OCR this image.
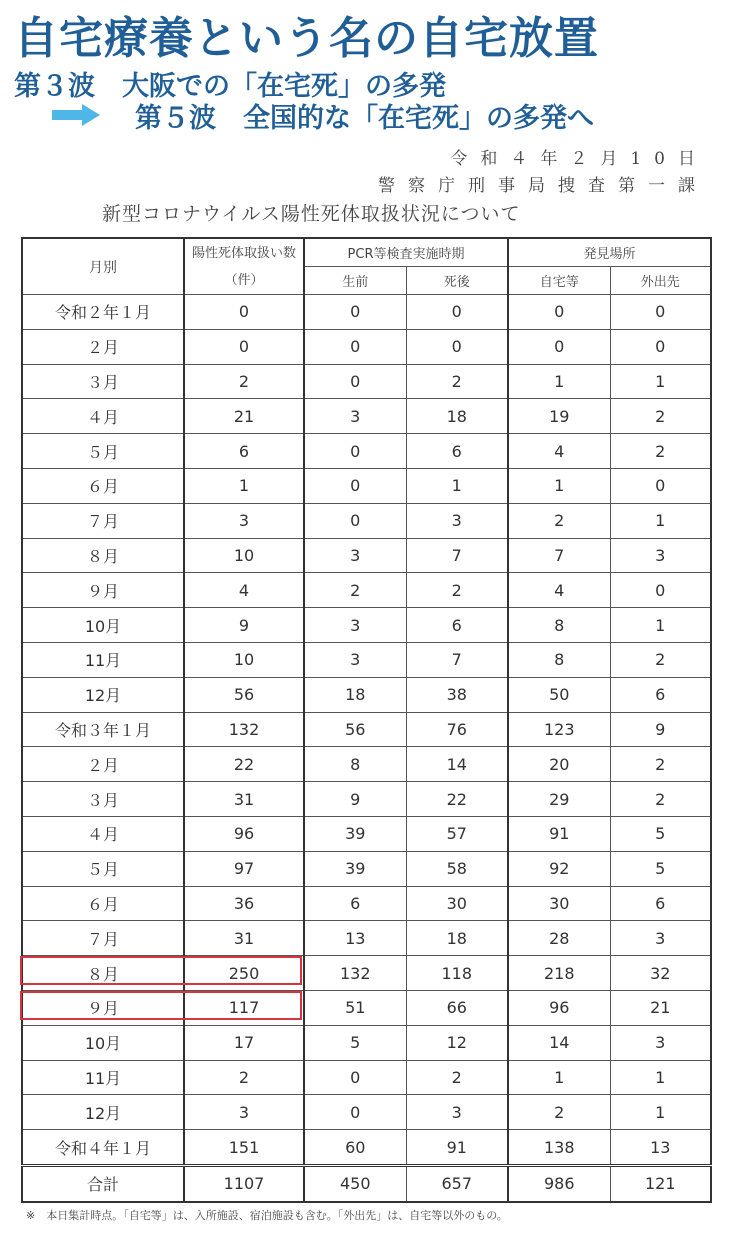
自宅療養という名の自宅放置
第３波　大阪での「在宅死」の多発
第５波　全国的な「在宅死」の多発へ
令和４年２月10日
警察庁刑事局捜査第一課
新型コロナウイルス陽性死体取扱状況について
月別	陽性死体取扱い数（件）	PCR等検査実施時期		発見場所	
		生前	死後	自宅等	外出先
令和２年１月	0	0	0	0	0
２月	0	0	0	0	0
３月	2	0	2	1	1
４月	21	3	18	19	2
５月	6	0	6	4	2
６月	1	0	1	1	0
７月	3	0	3	2	1
８月	10	3	7	7	3
９月	4	2	2	4	0
10月	9	3	6	8	1
11月	10	3	7	8	2
12月	56	18	38	50	6
令和３年１月	132	56	76	123	9
２月	22	8	14	20	2
３月	31	9	22	29	2
４月	96	39	57	91	5
５月	97	39	58	92	5
６月	36	6	30	30	6
７月	31	13	18	28	3
８月	250	132	118	218	32
９月	117	51	66	96	21
10月	17	5	12	14	3
11月	2	0	2	1	1
12月	3	0	3	2	1
令和４年１月	151	60	91	138	13
合計	1107	450	657	986	121
※　本日集計時点。「自宅等」は、入所施設、宿泊施設も含む。「外出先」は、自宅等以外のもの。
